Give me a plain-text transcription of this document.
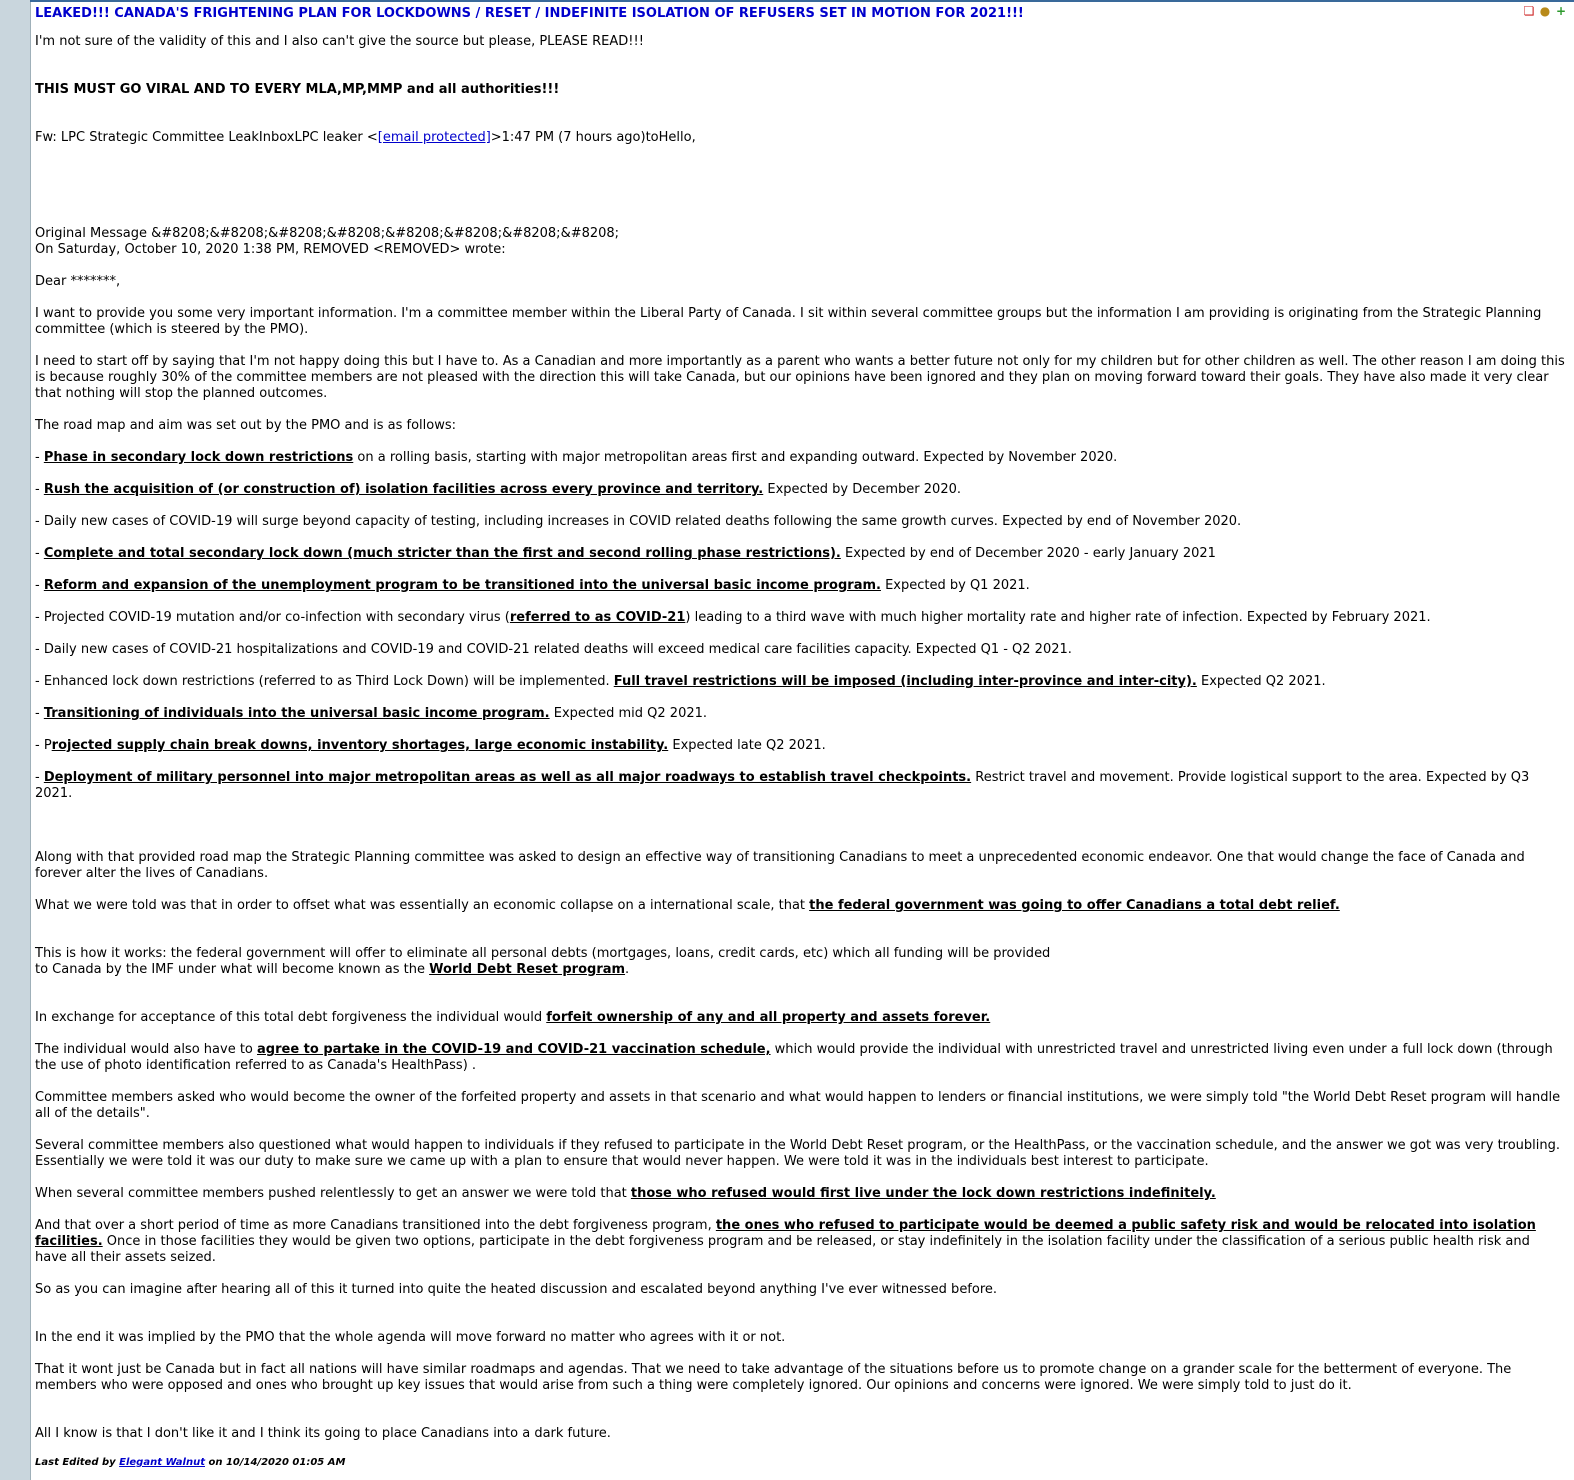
❏ ● +
LEAKED!!! CANADA'S FRIGHTENING PLAN FOR LOCKDOWNS / RESET / INDEFINITE ISOLATION OF REFUSERS SET IN MOTION FOR 2021!!!

I'm not sure of the validity of this and I also can't give the source but please, PLEASE READ!!!

THIS MUST GO VIRAL AND TO EVERY MLA,MP,MMP and all authorities!!!

Fw: LPC Strategic Committee LeakInboxLPC leaker <[email protected]>1:47 PM (7 hours ago)toHello,

Original Message &#8208;&#8208;&#8208;&#8208;&#8208;&#8208;&#8208;&#8208;
On Saturday, October 10, 2020 1:38 PM, REMOVED <REMOVED> wrote:

Dear *******,

I want to provide you some very important information. I'm a committee member within the Liberal Party of Canada. I sit within several committee groups but the information I am providing is originating from the Strategic Planning committee (which is steered by the PMO).

I need to start off by saying that I'm not happy doing this but I have to. As a Canadian and more importantly as a parent who wants a better future not only for my children but for other children as well. The other reason I am doing this is because roughly 30% of the committee members are not pleased with the direction this will take Canada, but our opinions have been ignored and they plan on moving forward toward their goals. They have also made it very clear that nothing will stop the planned outcomes.

The road map and aim was set out by the PMO and is as follows:

- Phase in secondary lock down restrictions on a rolling basis, starting with major metropolitan areas first and expanding outward. Expected by November 2020.

- Rush the acquisition of (or construction of) isolation facilities across every province and territory. Expected by December 2020.

- Daily new cases of COVID-19 will surge beyond capacity of testing, including increases in COVID related deaths following the same growth curves. Expected by end of November 2020.

- Complete and total secondary lock down (much stricter than the first and second rolling phase restrictions). Expected by end of December 2020 - early January 2021

- Reform and expansion of the unemployment program to be transitioned into the universal basic income program. Expected by Q1 2021.

- Projected COVID-19 mutation and/or co-infection with secondary virus (referred to as COVID-21) leading to a third wave with much higher mortality rate and higher rate of infection. Expected by February 2021.

- Daily new cases of COVID-21 hospitalizations and COVID-19 and COVID-21 related deaths will exceed medical care facilities capacity. Expected Q1 - Q2 2021.

- Enhanced lock down restrictions (referred to as Third Lock Down) will be implemented. Full travel restrictions will be imposed (including inter-province and inter-city). Expected Q2 2021.

- Transitioning of individuals into the universal basic income program. Expected mid Q2 2021.

- Projected supply chain break downs, inventory shortages, large economic instability. Expected late Q2 2021.

- Deployment of military personnel into major metropolitan areas as well as all major roadways to establish travel checkpoints. Restrict travel and movement. Provide logistical support to the area. Expected by Q3 2021.

Along with that provided road map the Strategic Planning committee was asked to design an effective way of transitioning Canadians to meet a unprecedented economic endeavor. One that would change the face of Canada and forever alter the lives of Canadians.

What we were told was that in order to offset what was essentially an economic collapse on a international scale, that the federal government was going to offer Canadians a total debt relief.

This is how it works: the federal government will offer to eliminate all personal debts (mortgages, loans, credit cards, etc) which all funding will be provided
to Canada by the IMF under what will become known as the World Debt Reset program.

In exchange for acceptance of this total debt forgiveness the individual would forfeit ownership of any and all property and assets forever.

The individual would also have to agree to partake in the COVID-19 and COVID-21 vaccination schedule, which would provide the individual with unrestricted travel and unrestricted living even under a full lock down (through the use of photo identification referred to as Canada's HealthPass) .

Committee members asked who would become the owner of the forfeited property and assets in that scenario and what would happen to lenders or financial institutions, we were simply told "the World Debt Reset program will handle all of the details".

Several committee members also questioned what would happen to individuals if they refused to participate in the World Debt Reset program, or the HealthPass, or the vaccination schedule, and the answer we got was very troubling. Essentially we were told it was our duty to make sure we came up with a plan to ensure that would never happen. We were told it was in the individuals best interest to participate.

When several committee members pushed relentlessly to get an answer we were told that those who refused would first live under the lock down restrictions indefinitely.

And that over a short period of time as more Canadians transitioned into the debt forgiveness program, the ones who refused to participate would be deemed a public safety risk and would be relocated into isolation facilities. Once in those facilities they would be given two options, participate in the debt forgiveness program and be released, or stay indefinitely in the isolation facility under the classification of a serious public health risk and have all their assets seized.

So as you can imagine after hearing all of this it turned into quite the heated discussion and escalated beyond anything I've ever witnessed before.

In the end it was implied by the PMO that the whole agenda will move forward no matter who agrees with it or not.

That it wont just be Canada but in fact all nations will have similar roadmaps and agendas. That we need to take advantage of the situations before us to promote change on a grander scale for the betterment of everyone. The members who were opposed and ones who brought up key issues that would arise from such a thing were completely ignored. Our opinions and concerns were ignored. We were simply told to just do it.

All I know is that I don't like it and I think its going to place Canadians into a dark future.

Last Edited by Elegant Walnut on 10/14/2020 01:05 AM
